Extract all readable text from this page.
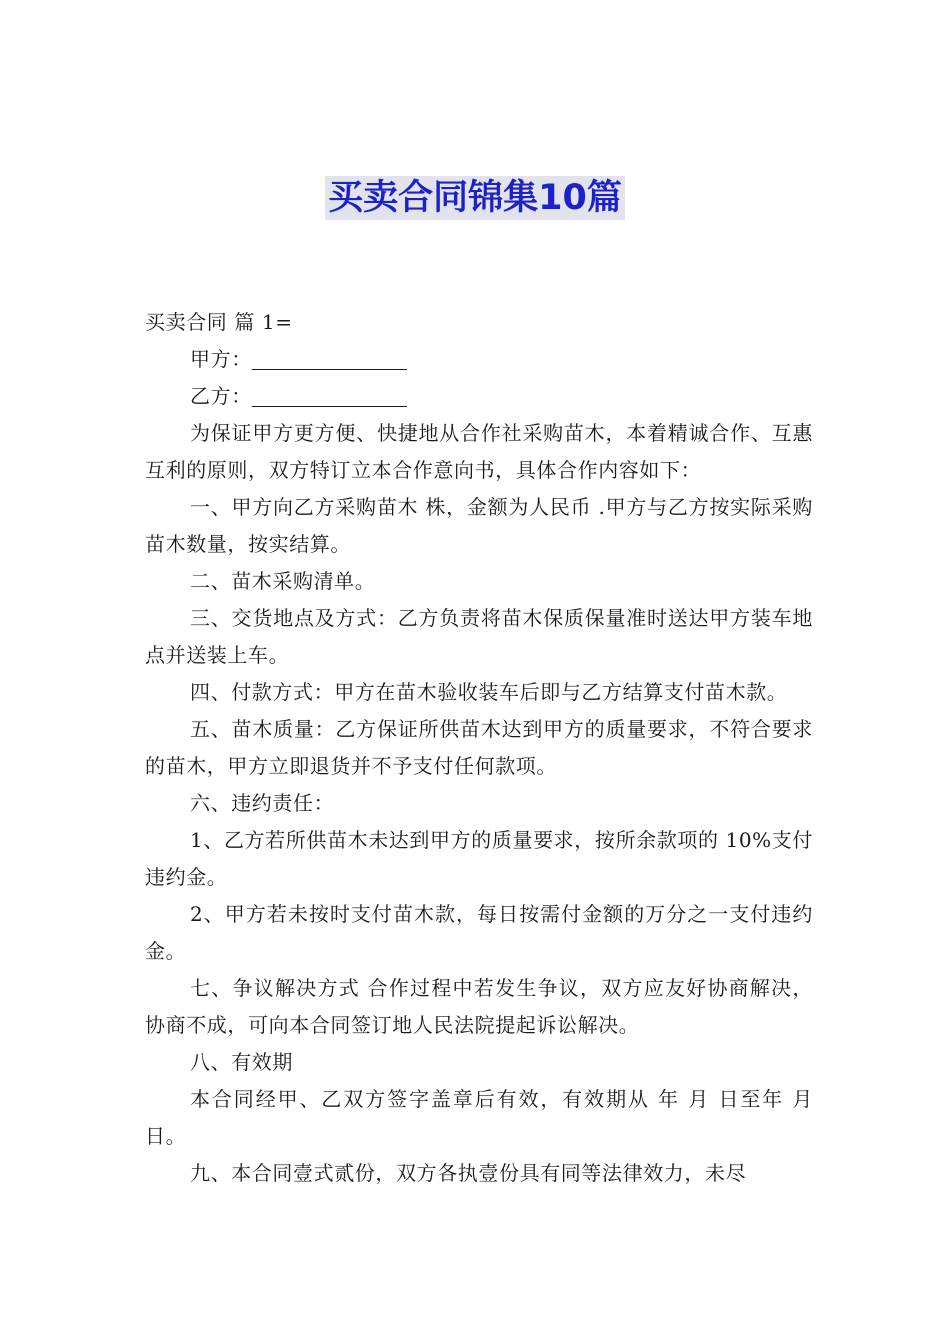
买卖合同锦集10篇

买卖合同 篇 1=

甲方：

乙方：

为保证甲方更方便、快捷地从合作社采购苗木，本着精诚合作、互惠互利的原则，双方特订立本合作意向书，具体合作内容如下：

一、甲方向乙方采购苗木 株，金额为人民币 .甲方与乙方按实际采购苗木数量，按实结算。

二、苗木采购清单。

三、交货地点及方式：乙方负责将苗木保质保量准时送达甲方装车地点并送装上车。

四、付款方式：甲方在苗木验收装车后即与乙方结算支付苗木款。

五、苗木质量：乙方保证所供苗木达到甲方的质量要求，不符合要求的苗木，甲方立即退货并不予支付任何款项。

六、违约责任：

1、乙方若所供苗木未达到甲方的质量要求，按所余款项的 10%支付违约金。

2、甲方若未按时支付苗木款，每日按需付金额的万分之一支付违约金。

七、争议解决方式 合作过程中若发生争议，双方应友好协商解决，协商不成，可向本合同签订地人民法院提起诉讼解决。

八、有效期

本合同经甲、乙双方签字盖章后有效，有效期从 年 月 日至年 月 日。

九、本合同壹式贰份，双方各执壹份具有同等法律效力，未尽
